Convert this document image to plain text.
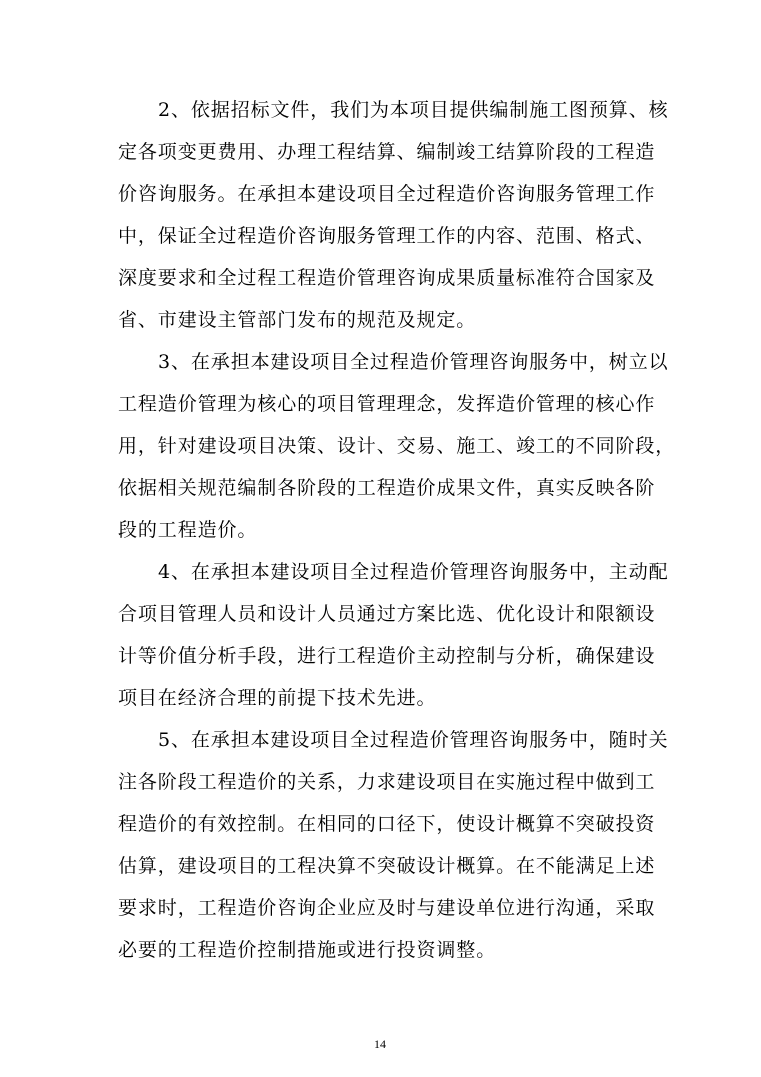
2、依据招标文件，我们为本项目提供编制施工图预算、核
定各项变更费用、办理工程结算、编制竣工结算阶段的工程造
价咨询服务。在承担本建设项目全过程造价咨询服务管理工作
中，保证全过程造价咨询服务管理工作的内容、范围、格式、
深度要求和全过程工程造价管理咨询成果质量标准符合国家及
省、市建设主管部门发布的规范及规定。
3、在承担本建设项目全过程造价管理咨询服务中，树立以
工程造价管理为核心的项目管理理念，发挥造价管理的核心作
用，针对建设项目决策、设计、交易、施工、竣工的不同阶段，
依据相关规范编制各阶段的工程造价成果文件，真实反映各阶
段的工程造价。
4、在承担本建设项目全过程造价管理咨询服务中，主动配
合项目管理人员和设计人员通过方案比选、优化设计和限额设
计等价值分析手段，进行工程造价主动控制与分析，确保建设
项目在经济合理的前提下技术先进。
5、在承担本建设项目全过程造价管理咨询服务中，随时关
注各阶段工程造价的关系，力求建设项目在实施过程中做到工
程造价的有效控制。在相同的口径下，使设计概算不突破投资
估算，建设项目的工程决算不突破设计概算。在不能满足上述
要求时，工程造价咨询企业应及时与建设单位进行沟通，采取
必要的工程造价控制措施或进行投资调整。
14
